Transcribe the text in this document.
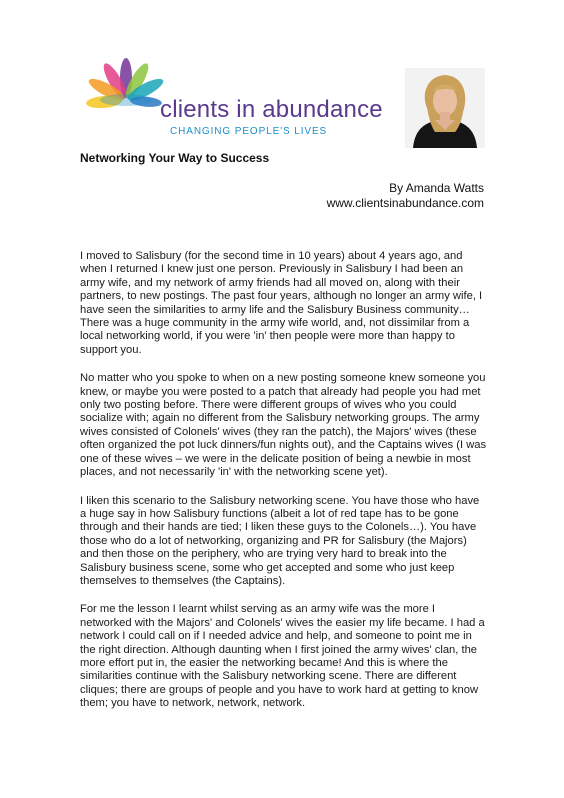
clients in abundance
CHANGING PEOPLE'S LIVES
Networking Your Way to Success
By Amanda Watts
www.clientsinabundance.com

I moved to Salisbury (for the second time in 10 years) about 4 years ago, and when I returned I knew just one person. Previously in Salisbury I had been an army wife, and my network of army friends had all moved on, along with their partners, to new postings. The past four years, although no longer an army wife, I have seen the similarities to army life and the Salisbury Business community… There was a huge community in the army wife world, and, not dissimilar from a local networking world, if you were 'in' then people were more than happy to support you.

No matter who you spoke to when on a new posting someone knew someone you knew, or maybe you were posted to a patch that already had people you had met only two posting before. There were different groups of wives who you could socialize with; again no different from the Salisbury networking groups. The army wives consisted of Colonels' wives (they ran the patch), the Majors' wives (these often organized the pot luck dinners/fun nights out), and the Captains wives (I was one of these wives – we were in the delicate position of being a newbie in most places, and not necessarily 'in' with the networking scene yet).

I liken this scenario to the Salisbury networking scene. You have those who have a huge say in how Salisbury functions (albeit a lot of red tape has to be gone through and their hands are tied; I liken these guys to the Colonels…). You have those who do a lot of networking, organizing and PR for Salisbury (the Majors) and then those on the periphery, who are trying very hard to break into the Salisbury business scene, some who get accepted and some who just keep themselves to themselves (the Captains).

For me the lesson I learnt whilst serving as an army wife was the more I networked with the Majors' and Colonels' wives the easier my life became. I had a network I could call on if I needed advice and help, and someone to point me in the right direction. Although daunting when I first joined the army wives' clan, the more effort put in, the easier the networking became! And this is where the similarities continue with the Salisbury networking scene. There are different cliques; there are groups of people and you have to work hard at getting to know them; you have to network, network, network.
